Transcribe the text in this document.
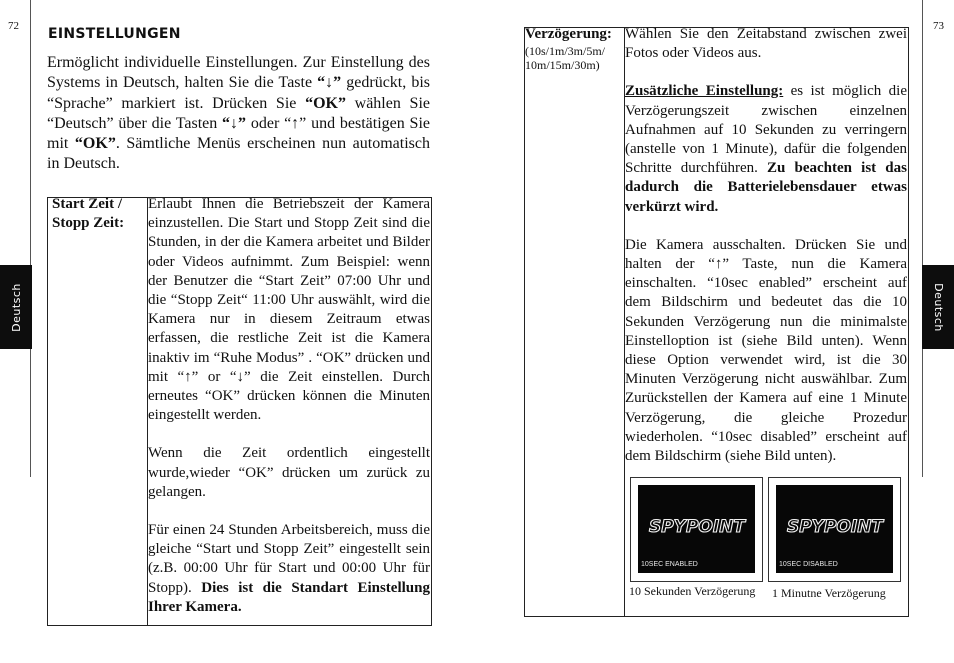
72
Deutsch
EINSTELLUNGEN
Ermöglicht individuelle Einstellungen. Zur Einstellung des Systems in Deutsch, halten Sie die Taste “↓” gedrückt, bis “Sprache” markiert ist. Drücken Sie “OK” wählen Sie “Deutsch” über die Tasten “↓” oder “↑” und bestätigen Sie mit “OK”. Sämtliche Menüs erscheinen nun automatisch in Deutsch.
Start Zeit / Stopp Zeit:

Erlaubt Ihnen die Betriebszeit der Kamera einzustellen. Die Start und Stopp Zeit sind die Stunden, in der die Kamera arbeitet und Bilder oder Videos aufnimmt. Zum Beispiel: wenn der Benutzer die “Start Zeit” 07:00 Uhr und die “Stopp Zeit“ 11:00 Uhr auswählt, wird die Kamera nur in diesem Zeitraum etwas erfassen, die restliche Zeit ist die Kamera inaktiv im “Ruhe Modus” . “OK” drücken und mit “↑” or “↓” die Zeit einstellen. Durch erneutes “OK” drücken können die Minuten eingestellt werden.

Wenn die Zeit ordentlich eingestellt wurde,wieder “OK” drücken um zurück zu gelangen.

Für einen 24 Stunden Arbeitsbereich, muss die gleiche “Start und Stopp Zeit” eingestellt sein (z.B. 00:00 Uhr für Start und 00:00 Uhr für Stopp). Dies ist die Standart Einstellung Ihrer Kamera.

73
Deutsch
Verzögerung:
(10s/1m/3m/5m/ 10m/15m/30m)

Wählen Sie den Zeitabstand zwischen zwei Fotos oder Videos aus.

Zusätzliche Einstellung: es ist möglich die Verzögerungszeit zwischen einzelnen Aufnahmen auf 10 Sekunden zu verringern (anstelle von 1 Minute), dafür die folgenden Schritte durchführen. Zu beachten ist das dadurch die Batterielebensdauer etwas verkürzt wird.

Die Kamera ausschalten. Drücken Sie und halten der “↑” Taste, nun die Kamera einschalten. “10sec enabled” erscheint auf dem Bildschirm und bedeutet das die 10 Sekunden Verzögerung nun die minimalste Einstelloption ist (siehe Bild unten). Wenn diese Option verwendet wird, ist die 30 Minuten Verzögerung nicht auswählbar. Zum Zurückstellen der Kamera auf eine 1 Minute Verzögerung, die gleiche Prozedur wiederholen. “10sec disabled” erscheint auf dem Bildschirm (siehe Bild unten).

SPYPOINT
10SEC ENABLED
SPYPOINT
10SEC DISABLED
10 Sekunden Verzögerung 1 Minutne Verzögerung
